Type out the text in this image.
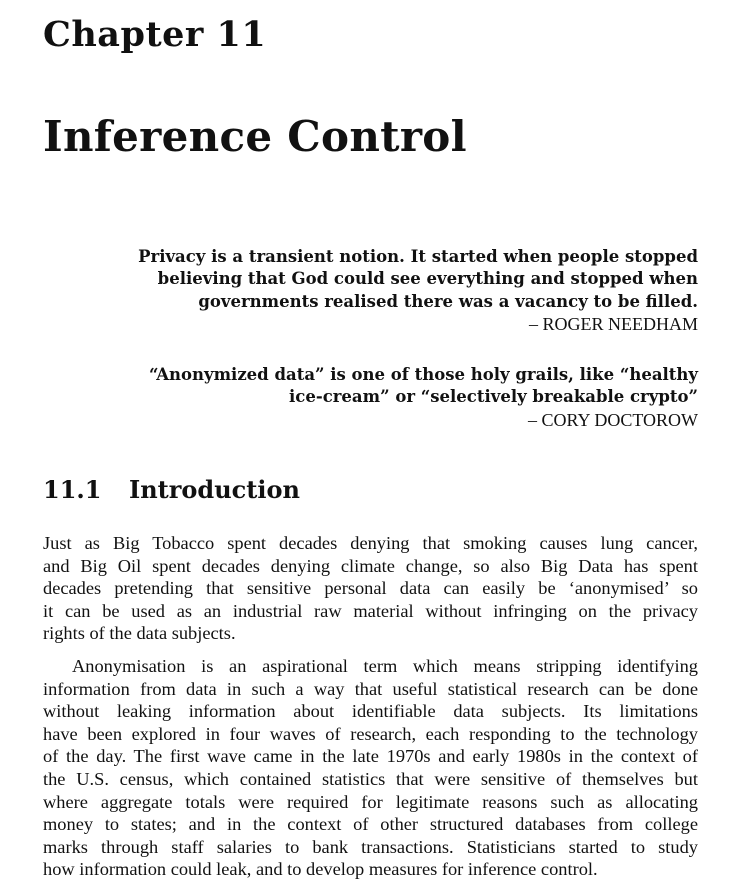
Chapter 11
Inference Control
Privacy is a transient notion. It started when people stopped
believing that God could see everything and stopped when
governments realised there was a vacancy to be filled.
– ROGER NEEDHAM
“Anonymized data” is one of those holy grails, like “healthy
ice-cream” or “selectively breakable crypto”
– CORY DOCTOROW
11.1 Introduction
Just as Big Tobacco spent decades denying that smoking causes lung cancer,
and Big Oil spent decades denying climate change, so also Big Data has spent
decades pretending that sensitive personal data can easily be ‘anonymised’ so
it can be used as an industrial raw material without infringing on the privacy
rights of the data subjects.
Anonymisation is an aspirational term which means stripping identifying
information from data in such a way that useful statistical research can be done
without leaking information about identifiable data subjects. Its limitations
have been explored in four waves of research, each responding to the technology
of the day. The first wave came in the late 1970s and early 1980s in the context of
the U.S. census, which contained statistics that were sensitive of themselves but
where aggregate totals were required for legitimate reasons such as allocating
money to states; and in the context of other structured databases from college
marks through staff salaries to bank transactions. Statisticians started to study
how information could leak, and to develop measures for inference control.
